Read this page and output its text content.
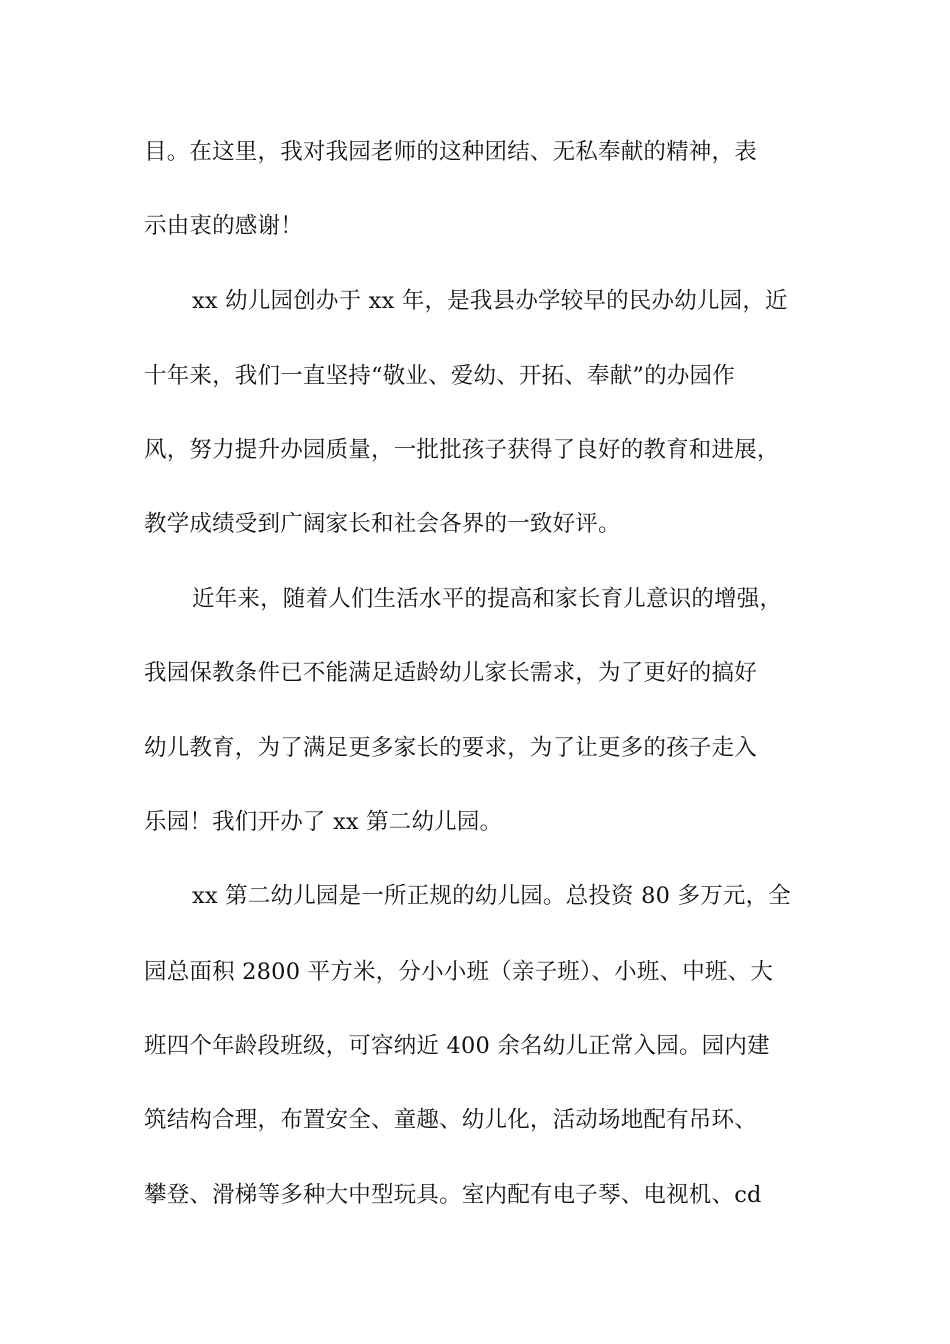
目。在这里，我对我园老师的这种团结、无私奉献的精神，表
示由衷的感谢！
xx 幼儿园创办于 xx 年，是我县办学较早的民办幼儿园，近
十年来，我们一直坚持“敬业、爱幼、开拓、奉献”的办园作
风，努力提升办园质量，一批批孩子获得了良好的教育和进展，
教学成绩受到广阔家长和社会各界的一致好评。
近年来，随着人们生活水平的提高和家长育儿意识的增强，
我园保教条件已不能满足适龄幼儿家长需求，为了更好的搞好
幼儿教育，为了满足更多家长的要求，为了让更多的孩子走入
乐园！我们开办了 xx 第二幼儿园。
xx 第二幼儿园是一所正规的幼儿园。总投资 80 多万元，全
园总面积 2800 平方米，分小小班（亲子班）、小班、中班、大
班四个年龄段班级，可容纳近 400 余名幼儿正常入园。园内建
筑结构合理，布置安全、童趣、幼儿化，活动场地配有吊环、
攀登、滑梯等多种大中型玩具。室内配有电子琴、电视机、cd
